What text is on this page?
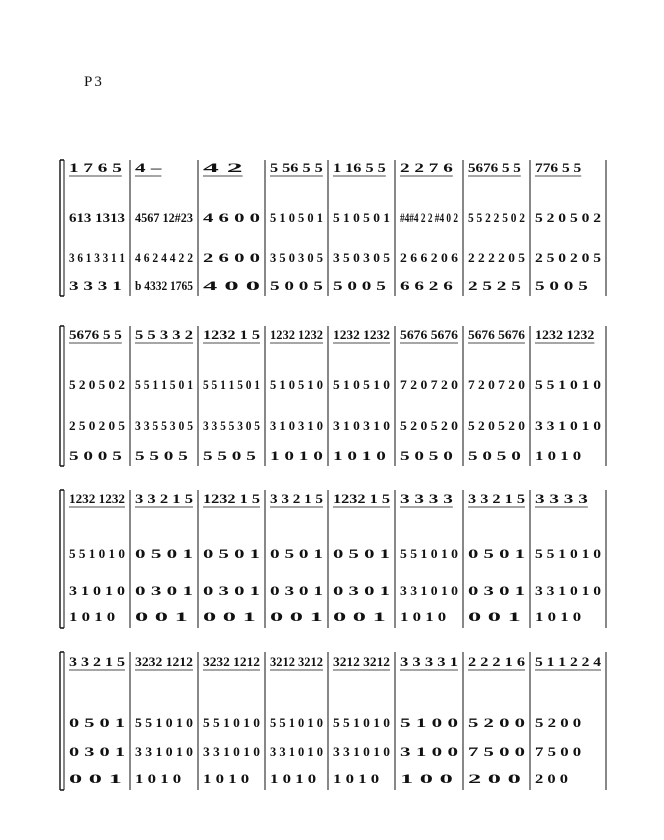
P3
1 7 6 5 4 –	4 2 5 56 5 5 1 16 5 5 2 2 7 6 5676 5 5 776 5 5
613 1313 4567 12#23 4 6 0 0 5 1 0 5 0 1 5 1 0 5 0 1 #4#4 2 2 #4 0 2 5 5 2 2 5 0 2 5 2 0 5 0 2
3 6 1 3 3 1 1 4 6 2 4 4 2 2 2 6 0 0 3 5 0 3 0 5 3 5 0 3 0 5 2 6 6 2 0 6 2 2 2 2 0 5 2 5 0 2 0 5
3 3 3 1 b 4332 1765 4 0 0 5 0 0 5 5 0 0 5 6 6 2 6 2 5 2 5 5 0 0 5
5676 5 5 5 5 3 3 2 1232 1 5 1232 1232 1232 1232 5676 5676 5676 5676 1232 1232
5 2 0 5 0 2 5 5 1 1 5 0 1 5 5 1 1 5 0 1 5 1 0 5 1 0 5 1 0 5 1 0 7 2 0 7 2 0 7 2 0 7 2 0 5 5 1 0 1 0
2 5 0 2 0 5 3 3 5 5 3 0 5 3 3 5 5 3 0 5 3 1 0 3 1 0 3 1 0 3 1 0 5 2 0 5 2 0 5 2 0 5 2 0 3 3 1 0 1 0
5 0 0 5 5 5 0 5 5 5 0 5 1 0 1 0 1 0 1 0 5 0 5 0 5 0 5 0 1 0 1 0
1232 1232 3 3 2 1 5 1232 1 5 3 3 2 1 5 1232 1 5 3 3 3 3 3 3 2 1 5 3 3 3 3
5 5 1 0 1 0 0 5 0 1 0 5 0 1 0 5 0 1 0 5 0 1 5 5 1 0 1 0 0 5 0 1 5 5 1 0 1 0
3 1 0 1 0 0 3 0 1 0 3 0 1 0 3 0 1 0 3 0 1 3 3 1 0 1 0 0 3 0 1 3 3 1 0 1 0
1 0 1 0 0 0 1 0 0 1 0 0 1 0 0 1 1 0 1 0 0 0 1 1 0 1 0
3 3 2 1 5 3232 1212 3232 1212 3212 3212 3212 3212 3 3 3 3 1 2 2 2 1 6 5 1 1 2 2 4
0 5 0 1 5 5 1 0 1 0 5 5 1 0 1 0 5 5 1 0 1 0 5 5 1 0 1 0 5 1 0 0 5 2 0 0 5 2 0 0
0 3 0 1 3 3 1 0 1 0 3 3 1 0 1 0 3 3 1 0 1 0 3 3 1 0 1 0 3 1 0 0 7 5 0 0 7 5 0 0
0 0 1 1 0 1 0 1 0 1 0 1 0 1 0 1 0 1 0 1 0 0 2 0 0 2 0 0
